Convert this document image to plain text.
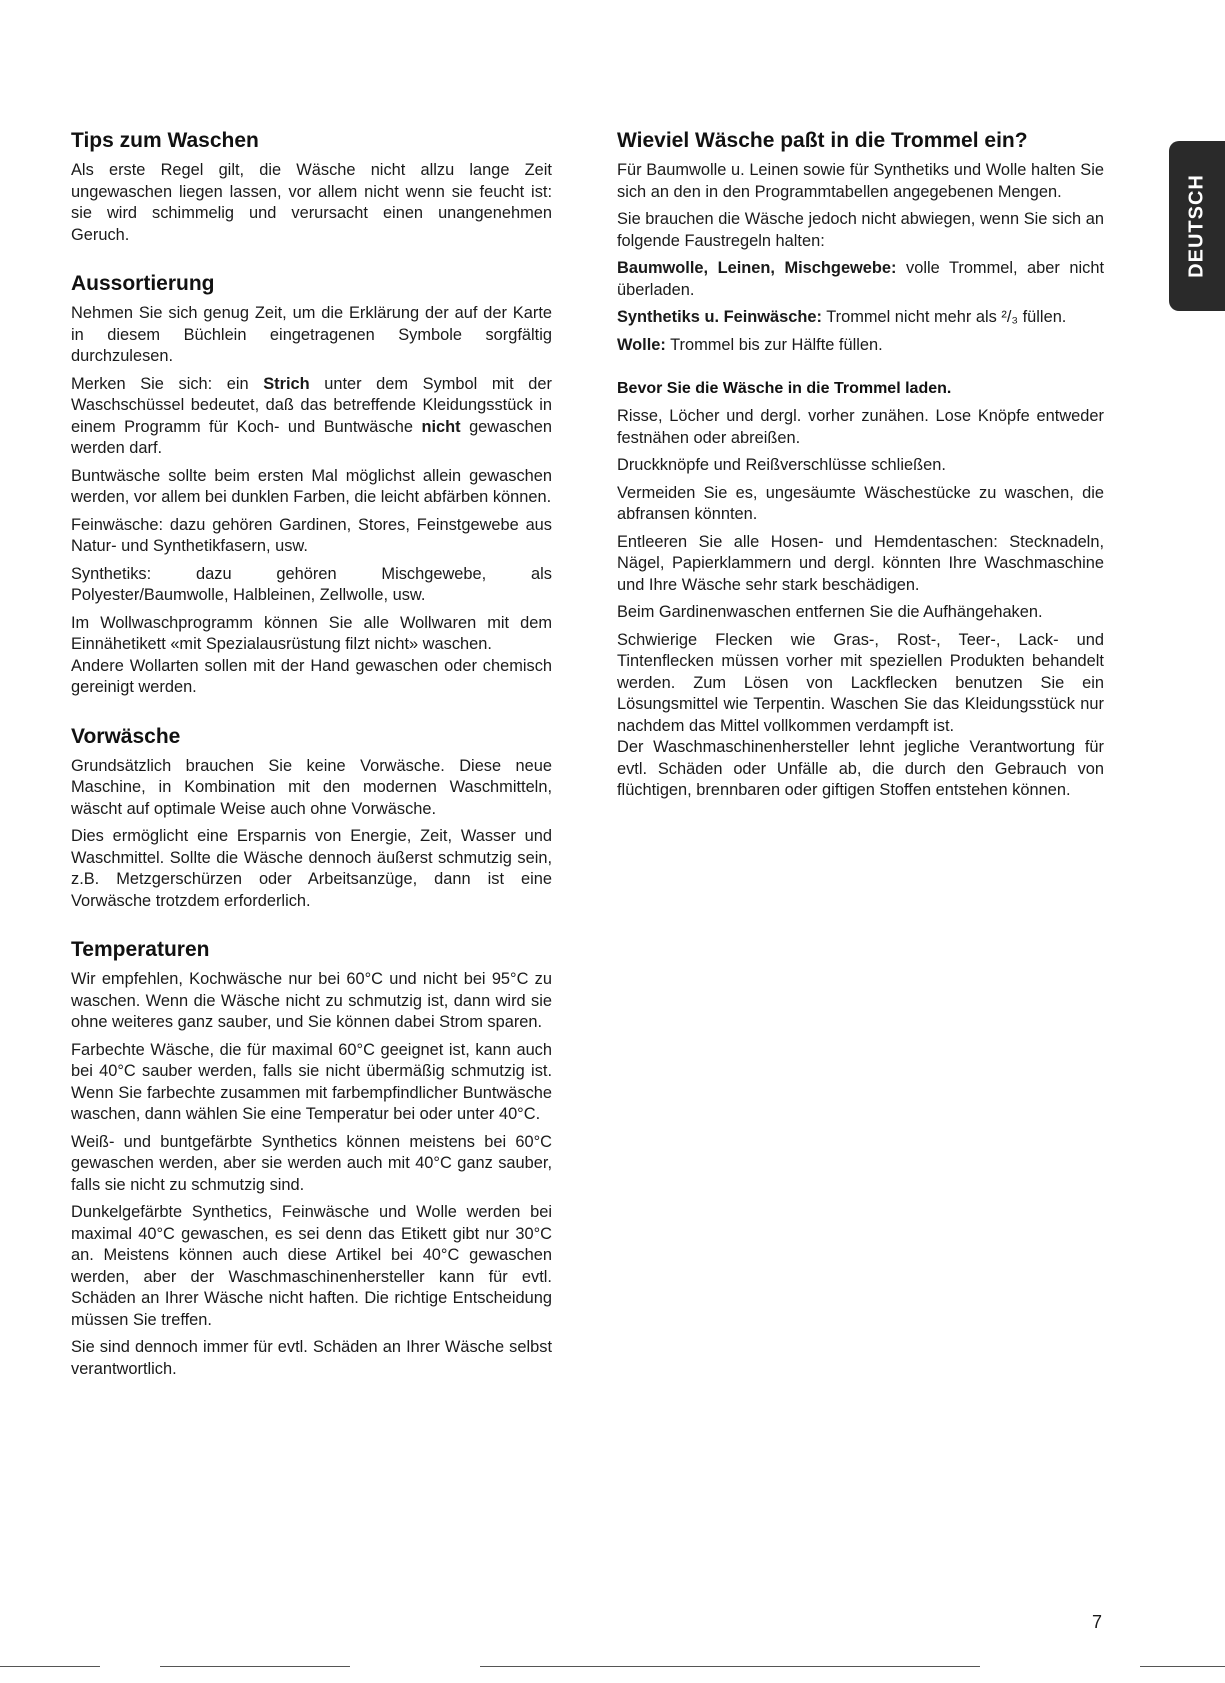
Tips zum Waschen

Als erste Regel gilt, die Wäsche nicht allzu lange Zeit ungewaschen liegen lassen, vor allem nicht wenn sie feucht ist: sie wird schimmelig und verursacht einen unangenehmen Geruch.

Aussortierung

Nehmen Sie sich genug Zeit, um die Erklärung der auf der Karte in diesem Büchlein eingetragenen Symbole sorgfältig durchzulesen.

Merken Sie sich: ein Strich unter dem Symbol mit der Waschschüssel bedeutet, daß das betreffende Kleidungsstück in einem Programm für Koch- und Buntwäsche nicht gewaschen werden darf.

Buntwäsche sollte beim ersten Mal möglichst allein gewaschen werden, vor allem bei dunklen Farben, die leicht abfärben können.

Feinwäsche: dazu gehören Gardinen, Stores, Feinstgewebe aus Natur- und Synthetikfasern, usw.

Synthetiks: dazu gehören Mischgewebe, als Polyester/Baumwolle, Halbleinen, Zellwolle, usw.

Im Wollwaschprogramm können Sie alle Wollwaren mit dem Einnähetikett «mit Spezialausrüstung filzt nicht» waschen.

Andere Wollarten sollen mit der Hand gewaschen oder chemisch gereinigt werden.

Vorwäsche

Grundsätzlich brauchen Sie keine Vorwäsche. Diese neue Maschine, in Kombination mit den modernen Waschmitteln, wäscht auf optimale Weise auch ohne Vorwäsche.

Dies ermöglicht eine Ersparnis von Energie, Zeit, Wasser und Waschmittel. Sollte die Wäsche dennoch äußerst schmutzig sein, z.B. Metzgerschürzen oder Arbeitsanzüge, dann ist eine Vorwäsche trotzdem erforderlich.

Temperaturen

Wir empfehlen, Kochwäsche nur bei 60°C und nicht bei 95°C zu waschen. Wenn die Wäsche nicht zu schmutzig ist, dann wird sie ohne weiteres ganz sauber, und Sie können dabei Strom sparen.

Farbechte Wäsche, die für maximal 60°C geeignet ist, kann auch bei 40°C sauber werden, falls sie nicht übermäßig schmutzig ist. Wenn Sie farbechte zusammen mit farbempfindlicher Buntwäsche waschen, dann wählen Sie eine Temperatur bei oder unter 40°C.

Weiß- und buntgefärbte Synthetics können meistens bei 60°C gewaschen werden, aber sie werden auch mit 40°C ganz sauber, falls sie nicht zu schmutzig sind.

Dunkelgefärbte Synthetics, Feinwäsche und Wolle werden bei maximal 40°C gewaschen, es sei denn das Etikett gibt nur 30°C an. Meistens können auch diese Artikel bei 40°C gewaschen werden, aber der Waschmaschinenhersteller kann für evtl. Schäden an Ihrer Wäsche nicht haften. Die richtige Entscheidung müssen Sie treffen.

Sie sind dennoch immer für evtl. Schäden an Ihrer Wäsche selbst verantwortlich.

Wieviel Wäsche paßt in die Trommel ein?

Für Baumwolle u. Leinen sowie für Synthetiks und Wolle halten Sie sich an den in den Programmtabellen angegebenen Mengen.

Sie brauchen die Wäsche jedoch nicht abwiegen, wenn Sie sich an folgende Faustregeln halten:

Baumwolle, Leinen, Mischgewebe: volle Trommel, aber nicht überladen.

Synthetiks u. Feinwäsche: Trommel nicht mehr als ²/₃ füllen.

Wolle: Trommel bis zur Hälfte füllen.

Bevor Sie die Wäsche in die Trommel laden.

Risse, Löcher und dergl. vorher zunähen. Lose Knöpfe entweder festnähen oder abreißen.

Druckknöpfe und Reißverschlüsse schließen.

Vermeiden Sie es, ungesäumte Wäschestücke zu waschen, die abfransen könnten.

Entleeren Sie alle Hosen- und Hemdentaschen: Stecknadeln, Nägel, Papierklammern und dergl. könnten Ihre Waschmaschine und Ihre Wäsche sehr stark beschädigen.

Beim Gardinenwaschen entfernen Sie die Aufhängehaken.

Schwierige Flecken wie Gras-, Rost-, Teer-, Lack- und Tintenflecken müssen vorher mit speziellen Produkten behandelt werden. Zum Lösen von Lackflecken benutzen Sie ein Lösungsmittel wie Terpentin. Waschen Sie das Kleidungsstück nur nachdem das Mittel vollkommen verdampft ist.

Der Waschmaschinenhersteller lehnt jegliche Verantwortung für evtl. Schäden oder Unfälle ab, die durch den Gebrauch von flüchtigen, brennbaren oder giftigen Stoffen entstehen können.

DEUTSCH
7
